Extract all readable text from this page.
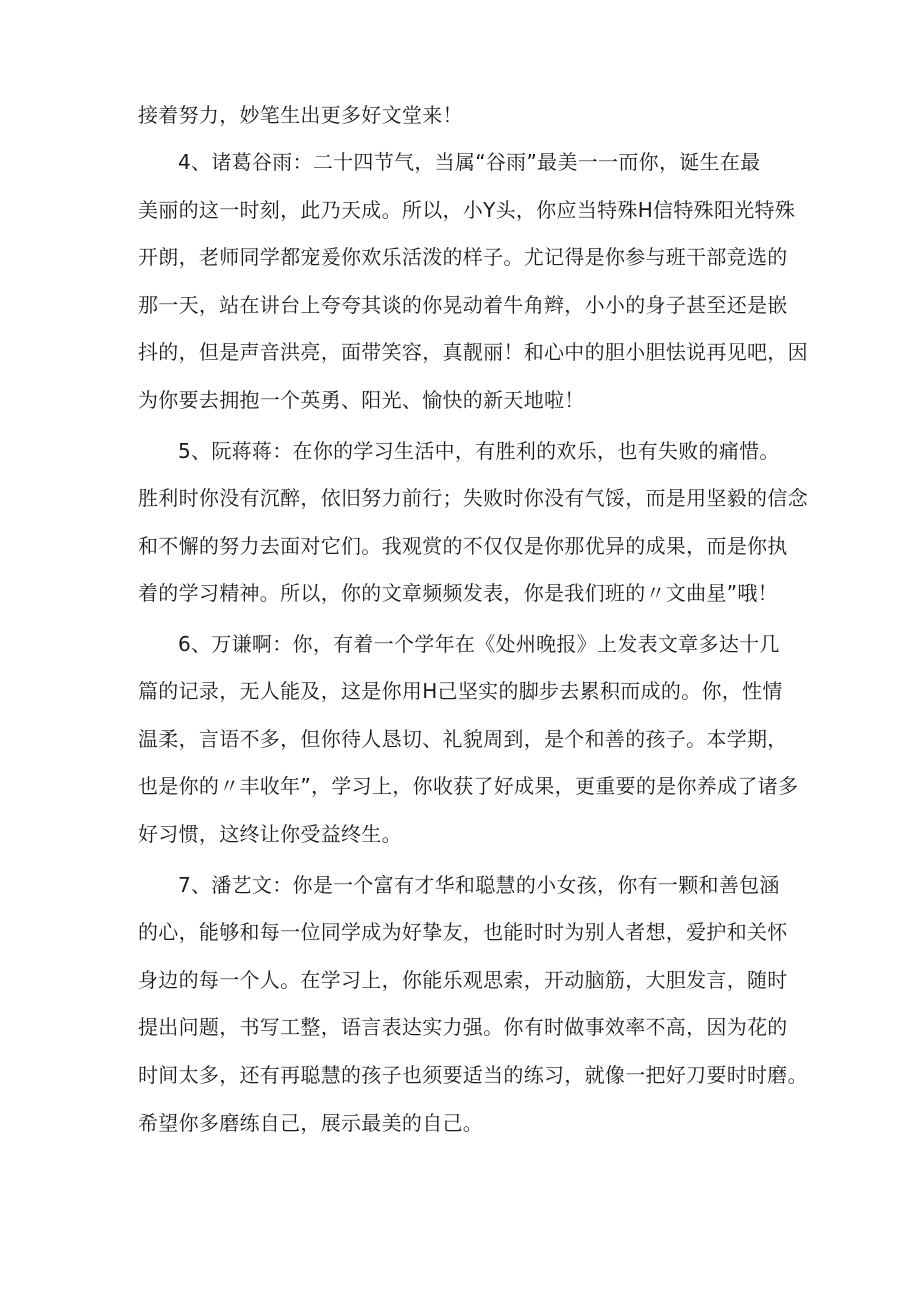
接着努力，妙笔生出更多好文堂来！

4、诸葛谷雨：二十四节气，当属“谷雨”最美一一而你，诞生在最

美丽的这一时刻，此乃天成。所以，小Y头，你应当特殊H信特殊阳光特殊

开朗，老师同学都宠爰你欢乐活泼的样子。尤记得是你参与班干部竞选的

那一天，站在讲台上夸夸其谈的你晃动着牛角辫，小小的身子甚至还是嵌

抖的，但是声音洪亮，面带笑容，真靓丽！和心中的胆小胆怯说再见吧，因

为你要去拥抱一个英勇、阳光、愉快的新天地啦！

5、阮蒋蒋：在你的学习生活中，有胜利的欢乐，也有失败的痛惜。

胜利时你没有沉醉，依旧努力前行；失败时你没有气馁，而是用坚毅的信念

和不懈的努力去面对它们。我观赏的不仅仅是你那优异的成果，而是你执

着的学习精神。所以，你的文章频频发表，你是我们班的〃文曲星”哦！

6、万谦啊：你，有着一个学年在《处州晚报》上发表文章多达十几

篇的记录，无人能及，这是你用H己坚实的脚步去累积而成的。你，性情

温柔，言语不多，但你待人恳切、礼貌周到，是个和善的孩子。本学期，

也是你的〃丰收年”，学习上，你收获了好成果，更重要的是你养成了诸多

好习惯，这终让你受益终生。

7、潘艺文：你是一个富有才华和聪慧的小女孩，你有一颗和善包涵

的心，能够和每一位同学成为好挚友，也能时时为别人者想，爱护和关怀

身边的每一个人。在学习上，你能乐观思索，开动脑筋，大胆发言，随时

提出问题，书写工整，语言表达实力强。你有时做事效率不高，因为花的

时间太多，还有再聪慧的孩子也须要适当的练习，就像一把好刀要时时磨。

希望你多磨练自己，展示最美的自己。
